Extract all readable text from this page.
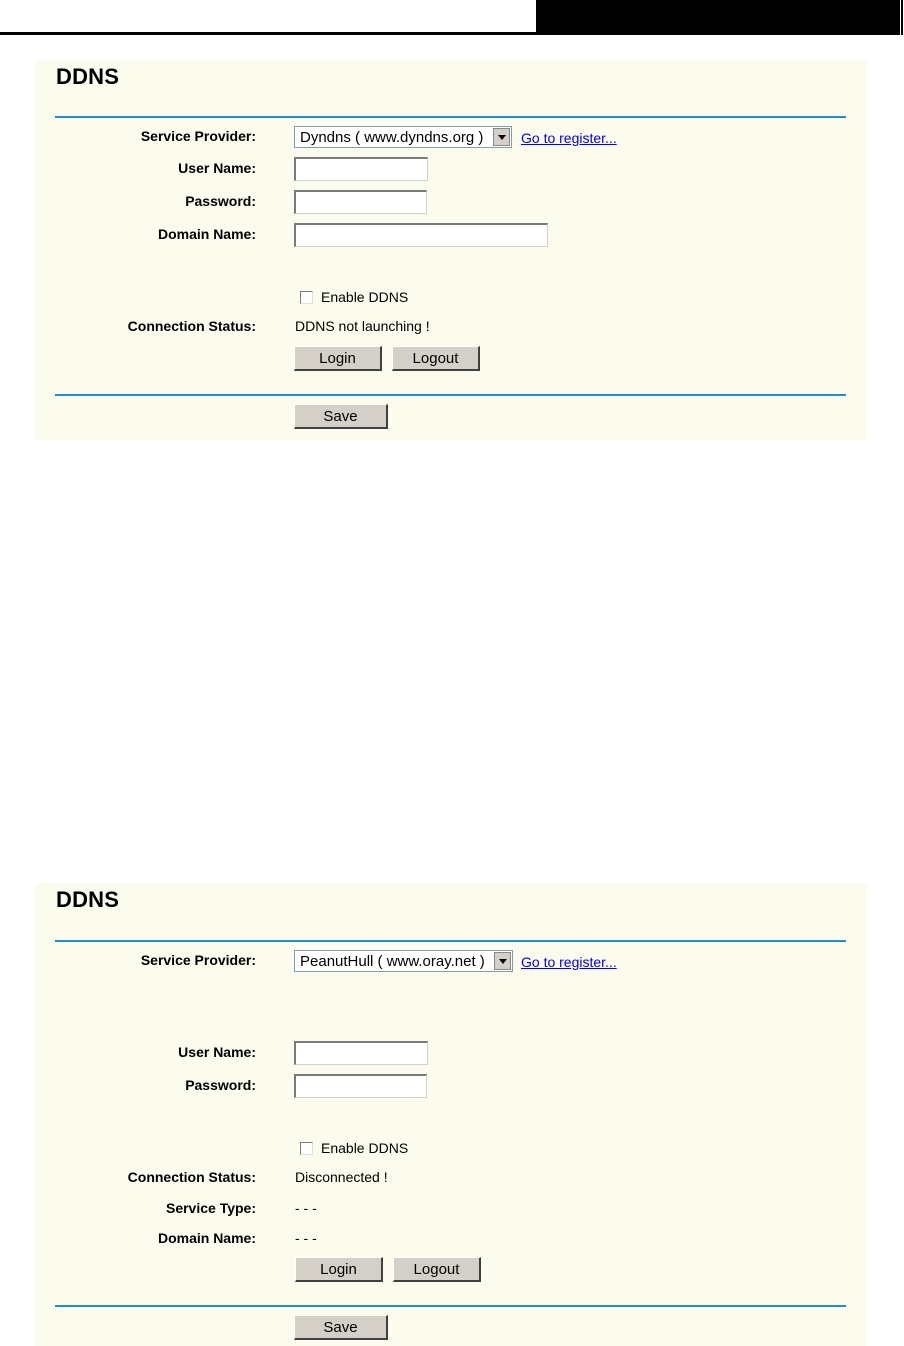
DDNS
Service Provider:	Dyndns ( www.dyndns.org )	Go to register...
User Name:
Password:
Domain Name:
Enable DDNS
Connection Status:	DDNS not launching !
Login	Logout
Save
DDNS
Service Provider:	PeanutHull ( www.oray.net )	Go to register...
User Name:
Password:
Enable DDNS
Connection Status:	Disconnected !
Service Type:	- - -
Domain Name:	- - -
Login	Logout
Save
